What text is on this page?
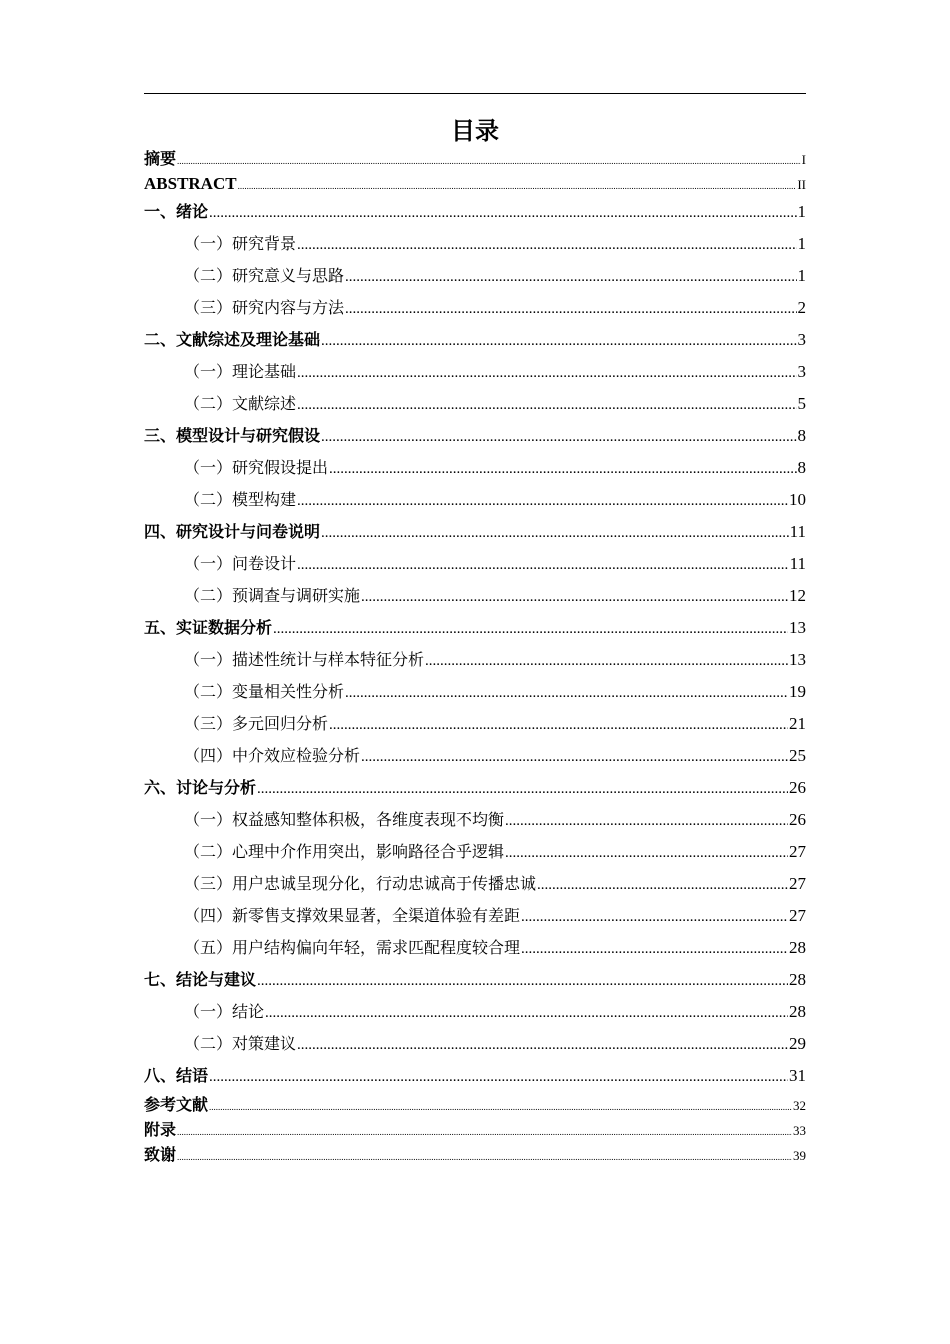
目录
摘要 .....	I
ABSTRACT .....	II
一、绪论 .....	1
（一）研究背景 .....	1
（二）研究意义与思路 .....	1
（三）研究内容与方法 .....	2
二、文献综述及理论基础 .....	3
（一）理论基础 .....	3
（二）文献综述 .....	5
三、模型设计与研究假设 .....	8
（一）研究假设提出 .....	8
（二）模型构建 .....	10
四、研究设计与问卷说明 .....	11
（一）问卷设计 .....	11
（二）预调查与调研实施 .....	12
五、实证数据分析 .....	13
（一）描述性统计与样本特征分析 .....	13
（二）变量相关性分析 .....	19
（三）多元回归分析 .....	21
（四）中介效应检验分析 .....	25
六、讨论与分析 .....	26
（一）权益感知整体积极，各维度表现不均衡 .....	26
（二）心理中介作用突出，影响路径合乎逻辑 .....	27
（三）用户忠诚呈现分化，行动忠诚高于传播忠诚 .....	27
（四）新零售支撑效果显著，全渠道体验有差距 .....	27
（五）用户结构偏向年轻，需求匹配程度较合理 .....	28
七、结论与建议 .....	28
（一）结论 .....	28
（二）对策建议 .....	29
八、结语 .....	31
参考文献 .....	32
附录 .....	33
致谢 .....	39
